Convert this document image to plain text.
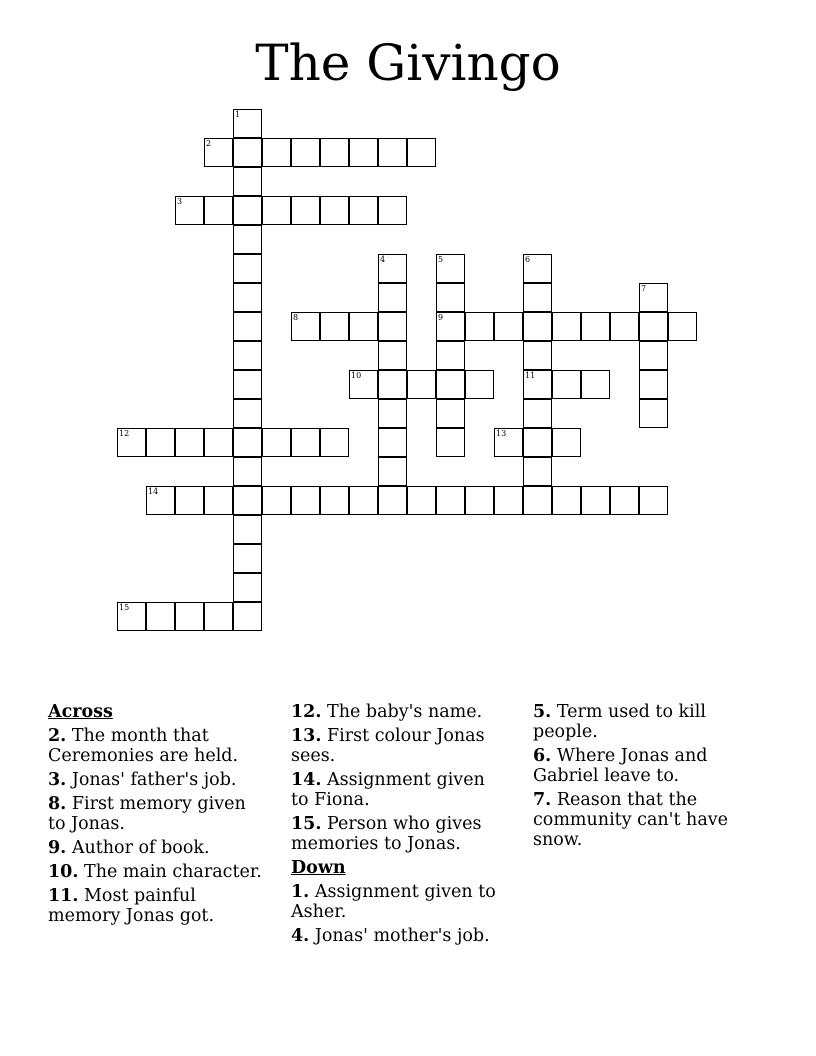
The Givingo
1
2
3
4	5	6
7
8	9
10	11
12	13
14
15
Across
2. The month that Ceremonies are held.
3. Jonas' father's job.
8. First memory given to Jonas.
9. Author of book.
10. The main character.
11. Most painful memory Jonas got.
12. The baby's name.
13. First colour Jonas sees.
14. Assignment given to Fiona.
15. Person who gives memories to Jonas.
Down
1. Assignment given to Asher.
4. Jonas' mother's job.
5. Term used to kill people.
6. Where Jonas and Gabriel leave to.
7. Reason that the community can't have snow.
